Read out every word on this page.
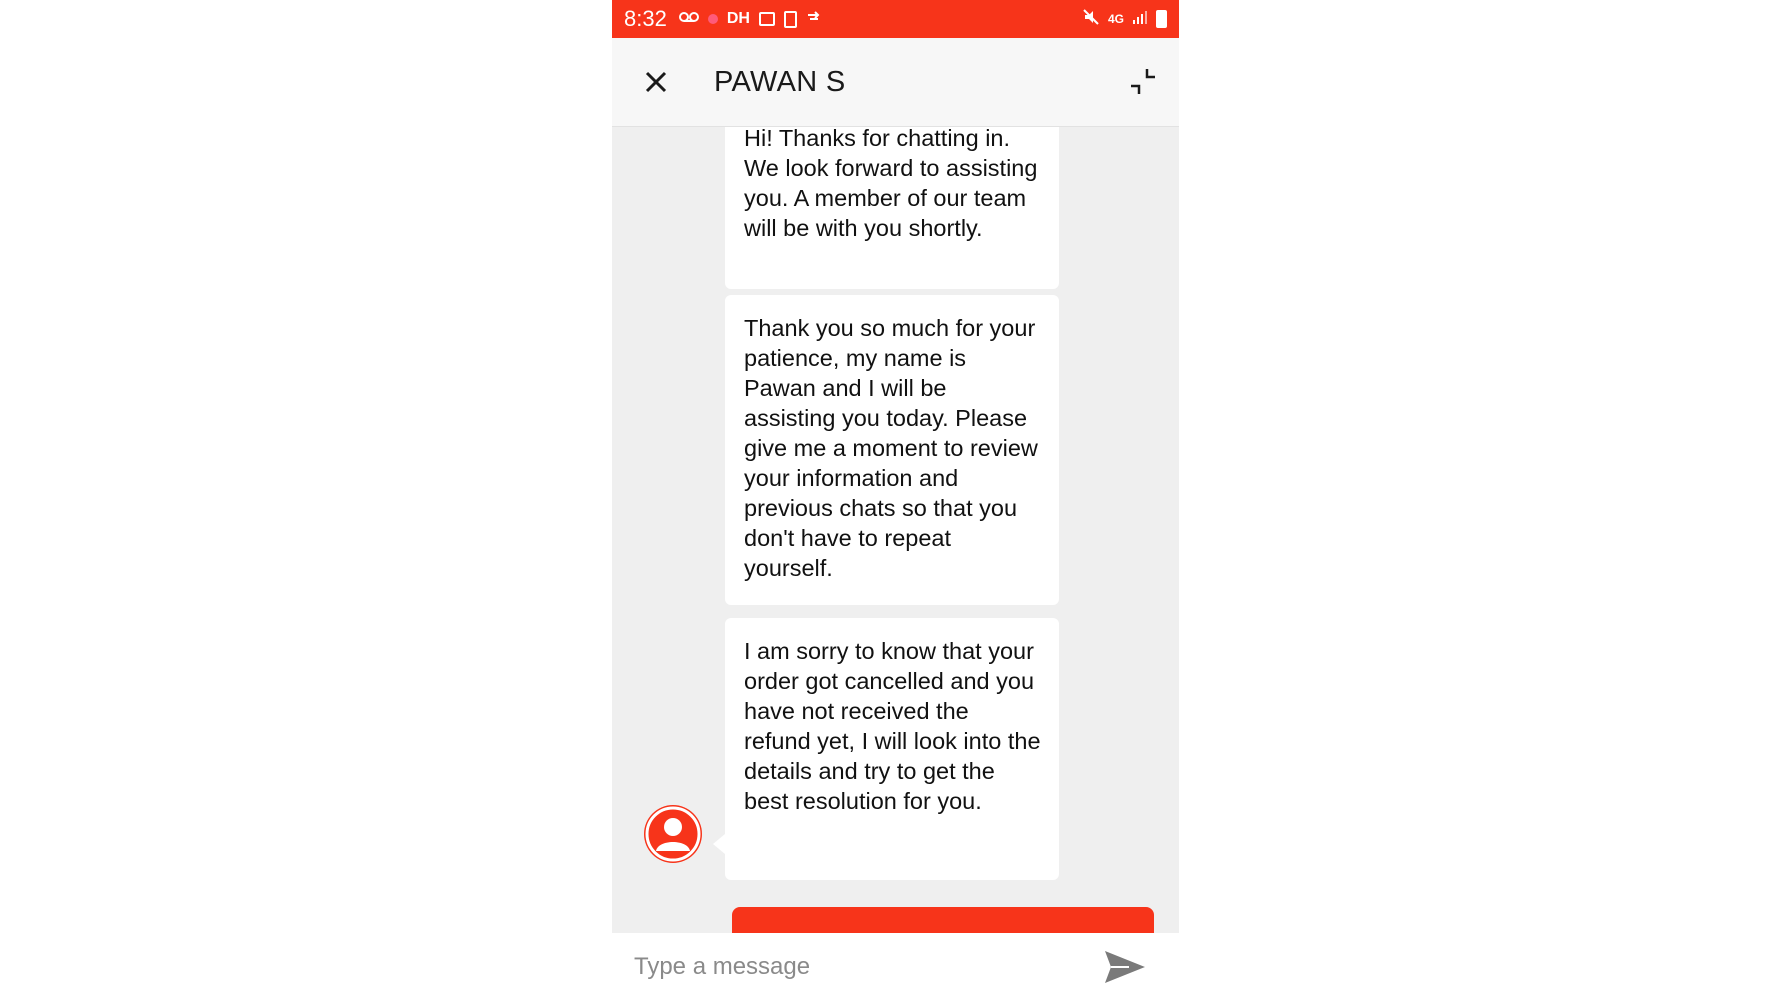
8:32	DH	4G
PAWAN S
Hi! Thanks for chatting in. We look forward to assisting you. A member of our team will be with you shortly.
Thank you so much for your patience, my name is Pawan and I will be assisting you today. Please give me a moment to review your information and previous chats so that you don't have to repeat yourself.
I am sorry to know that your order got cancelled and you have not received the refund yet, I will look into the details and try to get the best resolution for you.
Type a message
